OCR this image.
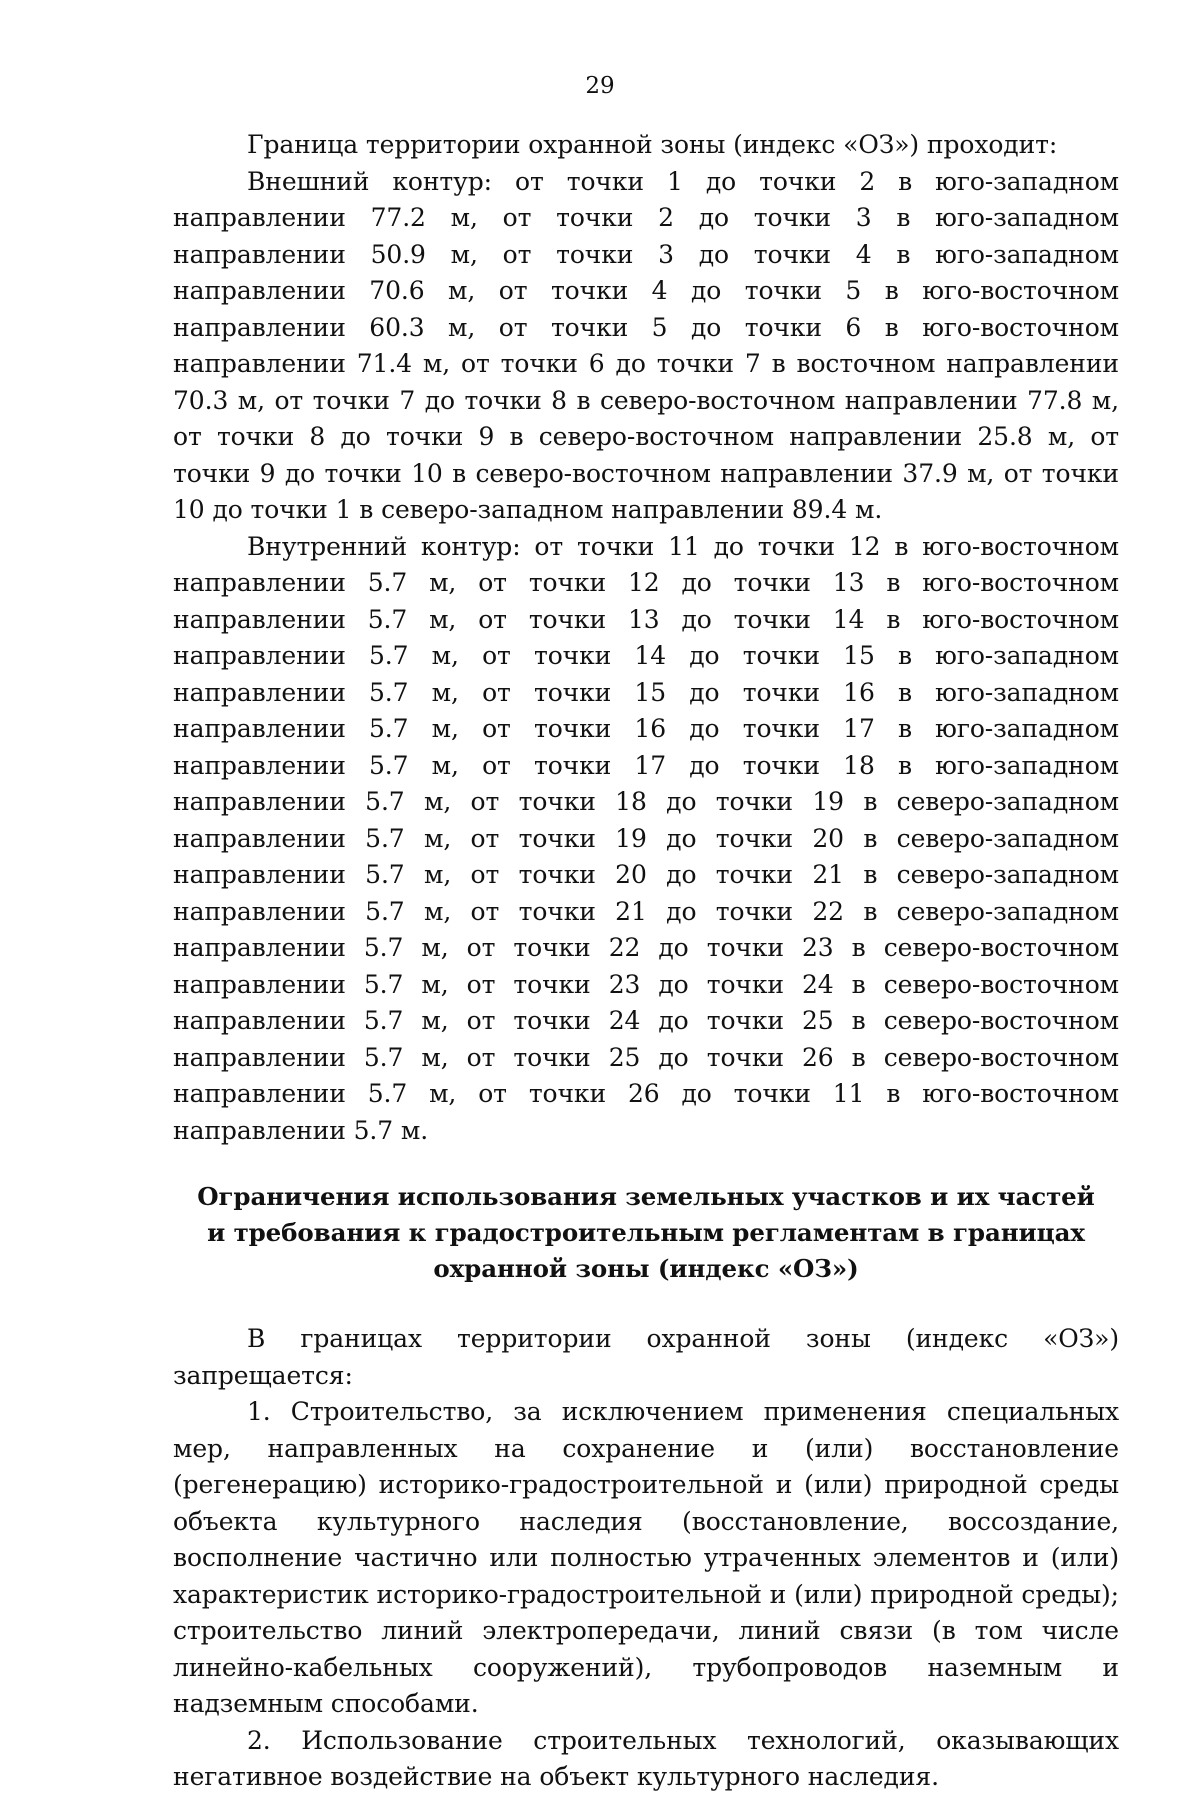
29

Граница территории охранной зоны (индекс «ОЗ») проходит:

Внешний контур: от точки 1 до точки 2 в юго-западном направлении 77.2 м, от точки 2 до точки 3 в юго-западном направлении 50.9 м, от точки 3 до точки 4 в юго-западном направлении 70.6 м, от точки 4 до точки 5 в юго-восточном направлении 60.3 м, от точки 5 до точки 6 в юго-восточном направлении 71.4 м, от точки 6 до точки 7 в восточном направлении 70.3 м, от точки 7 до точки 8 в северо-восточном направлении 77.8 м, от точки 8 до точки 9 в северо-восточном направлении 25.8 м, от точки 9 до точки 10 в северо-восточном направлении 37.9 м, от точки 10 до точки 1 в северо-западном направлении 89.4 м.

Внутренний контур: от точки 11 до точки 12 в юго-восточном направлении 5.7 м, от точки 12 до точки 13 в юго-восточном направлении 5.7 м, от точки 13 до точки 14 в юго-восточном направлении 5.7 м, от точки 14 до точки 15 в юго-западном направлении 5.7 м, от точки 15 до точки 16 в юго-западном направлении 5.7 м, от точки 16 до точки 17 в юго-западном направлении 5.7 м, от точки 17 до точки 18 в юго-западном направлении 5.7 м, от точки 18 до точки 19 в северо-западном направлении 5.7 м, от точки 19 до точки 20 в северо-западном направлении 5.7 м, от точки 20 до точки 21 в северо-западном направлении 5.7 м, от точки 21 до точки 22 в северо-западном направлении 5.7 м, от точки 22 до точки 23 в северо-восточном направлении 5.7 м, от точки 23 до точки 24 в северо-восточном направлении 5.7 м, от точки 24 до точки 25 в северо-восточном направлении 5.7 м, от точки 25 до точки 26 в северо-восточном направлении 5.7 м, от точки 26 до точки 11 в юго-восточном направлении 5.7 м.

Ограничения использования земельных участков и их частей
и требования к градостроительным регламентам в границах
охранной зоны (индекс «ОЗ»)

В границах территории охранной зоны (индекс «ОЗ») запрещается:

1. Строительство, за исключением применения специальных мер, направленных на сохранение и (или) восстановление (регенерацию) историко-градостроительной и (или) природной среды объекта культурного наследия (восстановление, воссоздание, восполнение частично или полностью утраченных элементов и (или) характеристик историко-градостроительной и (или) природной среды); строительство линий электропередачи, линий связи (в том числе линейно-кабельных сооружений), трубопроводов наземным и надземным способами.

2. Использование строительных технологий, оказывающих негативное воздействие на объект культурного наследия.
